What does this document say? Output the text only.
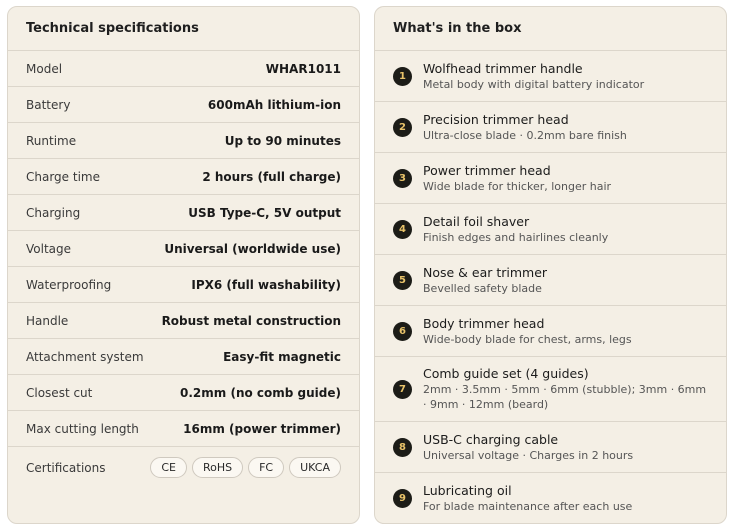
Technical specifications
Model	WHAR1011
Battery	600mAh lithium-ion
Runtime	Up to 90 minutes
Charge time	2 hours (full charge)
Charging	USB Type-C, 5V output
Voltage	Universal (worldwide use)
Waterproofing	IPX6 (full washability)
Handle	Robust metal construction
Attachment system	Easy-fit magnetic
Closest cut	0.2mm (no comb guide)
Max cutting length	16mm (power trimmer)
Certifications	CE	RoHS	FC	UKCA
What's in the box
1
Wolfhead trimmer handle
Metal body with digital battery indicator
2
Precision trimmer head
Ultra-close blade · 0.2mm bare finish
3
Power trimmer head
Wide blade for thicker, longer hair
4
Detail foil shaver
Finish edges and hairlines cleanly
5
Nose & ear trimmer
Bevelled safety blade
6
Body trimmer head
Wide-body blade for chest, arms, legs
7
Comb guide set (4 guides)
2mm · 3.5mm · 5mm · 6mm (stubble); 3mm · 6mm · 9mm · 12mm (beard)
8
USB-C charging cable
Universal voltage · Charges in 2 hours
9
Lubricating oil
For blade maintenance after each use
